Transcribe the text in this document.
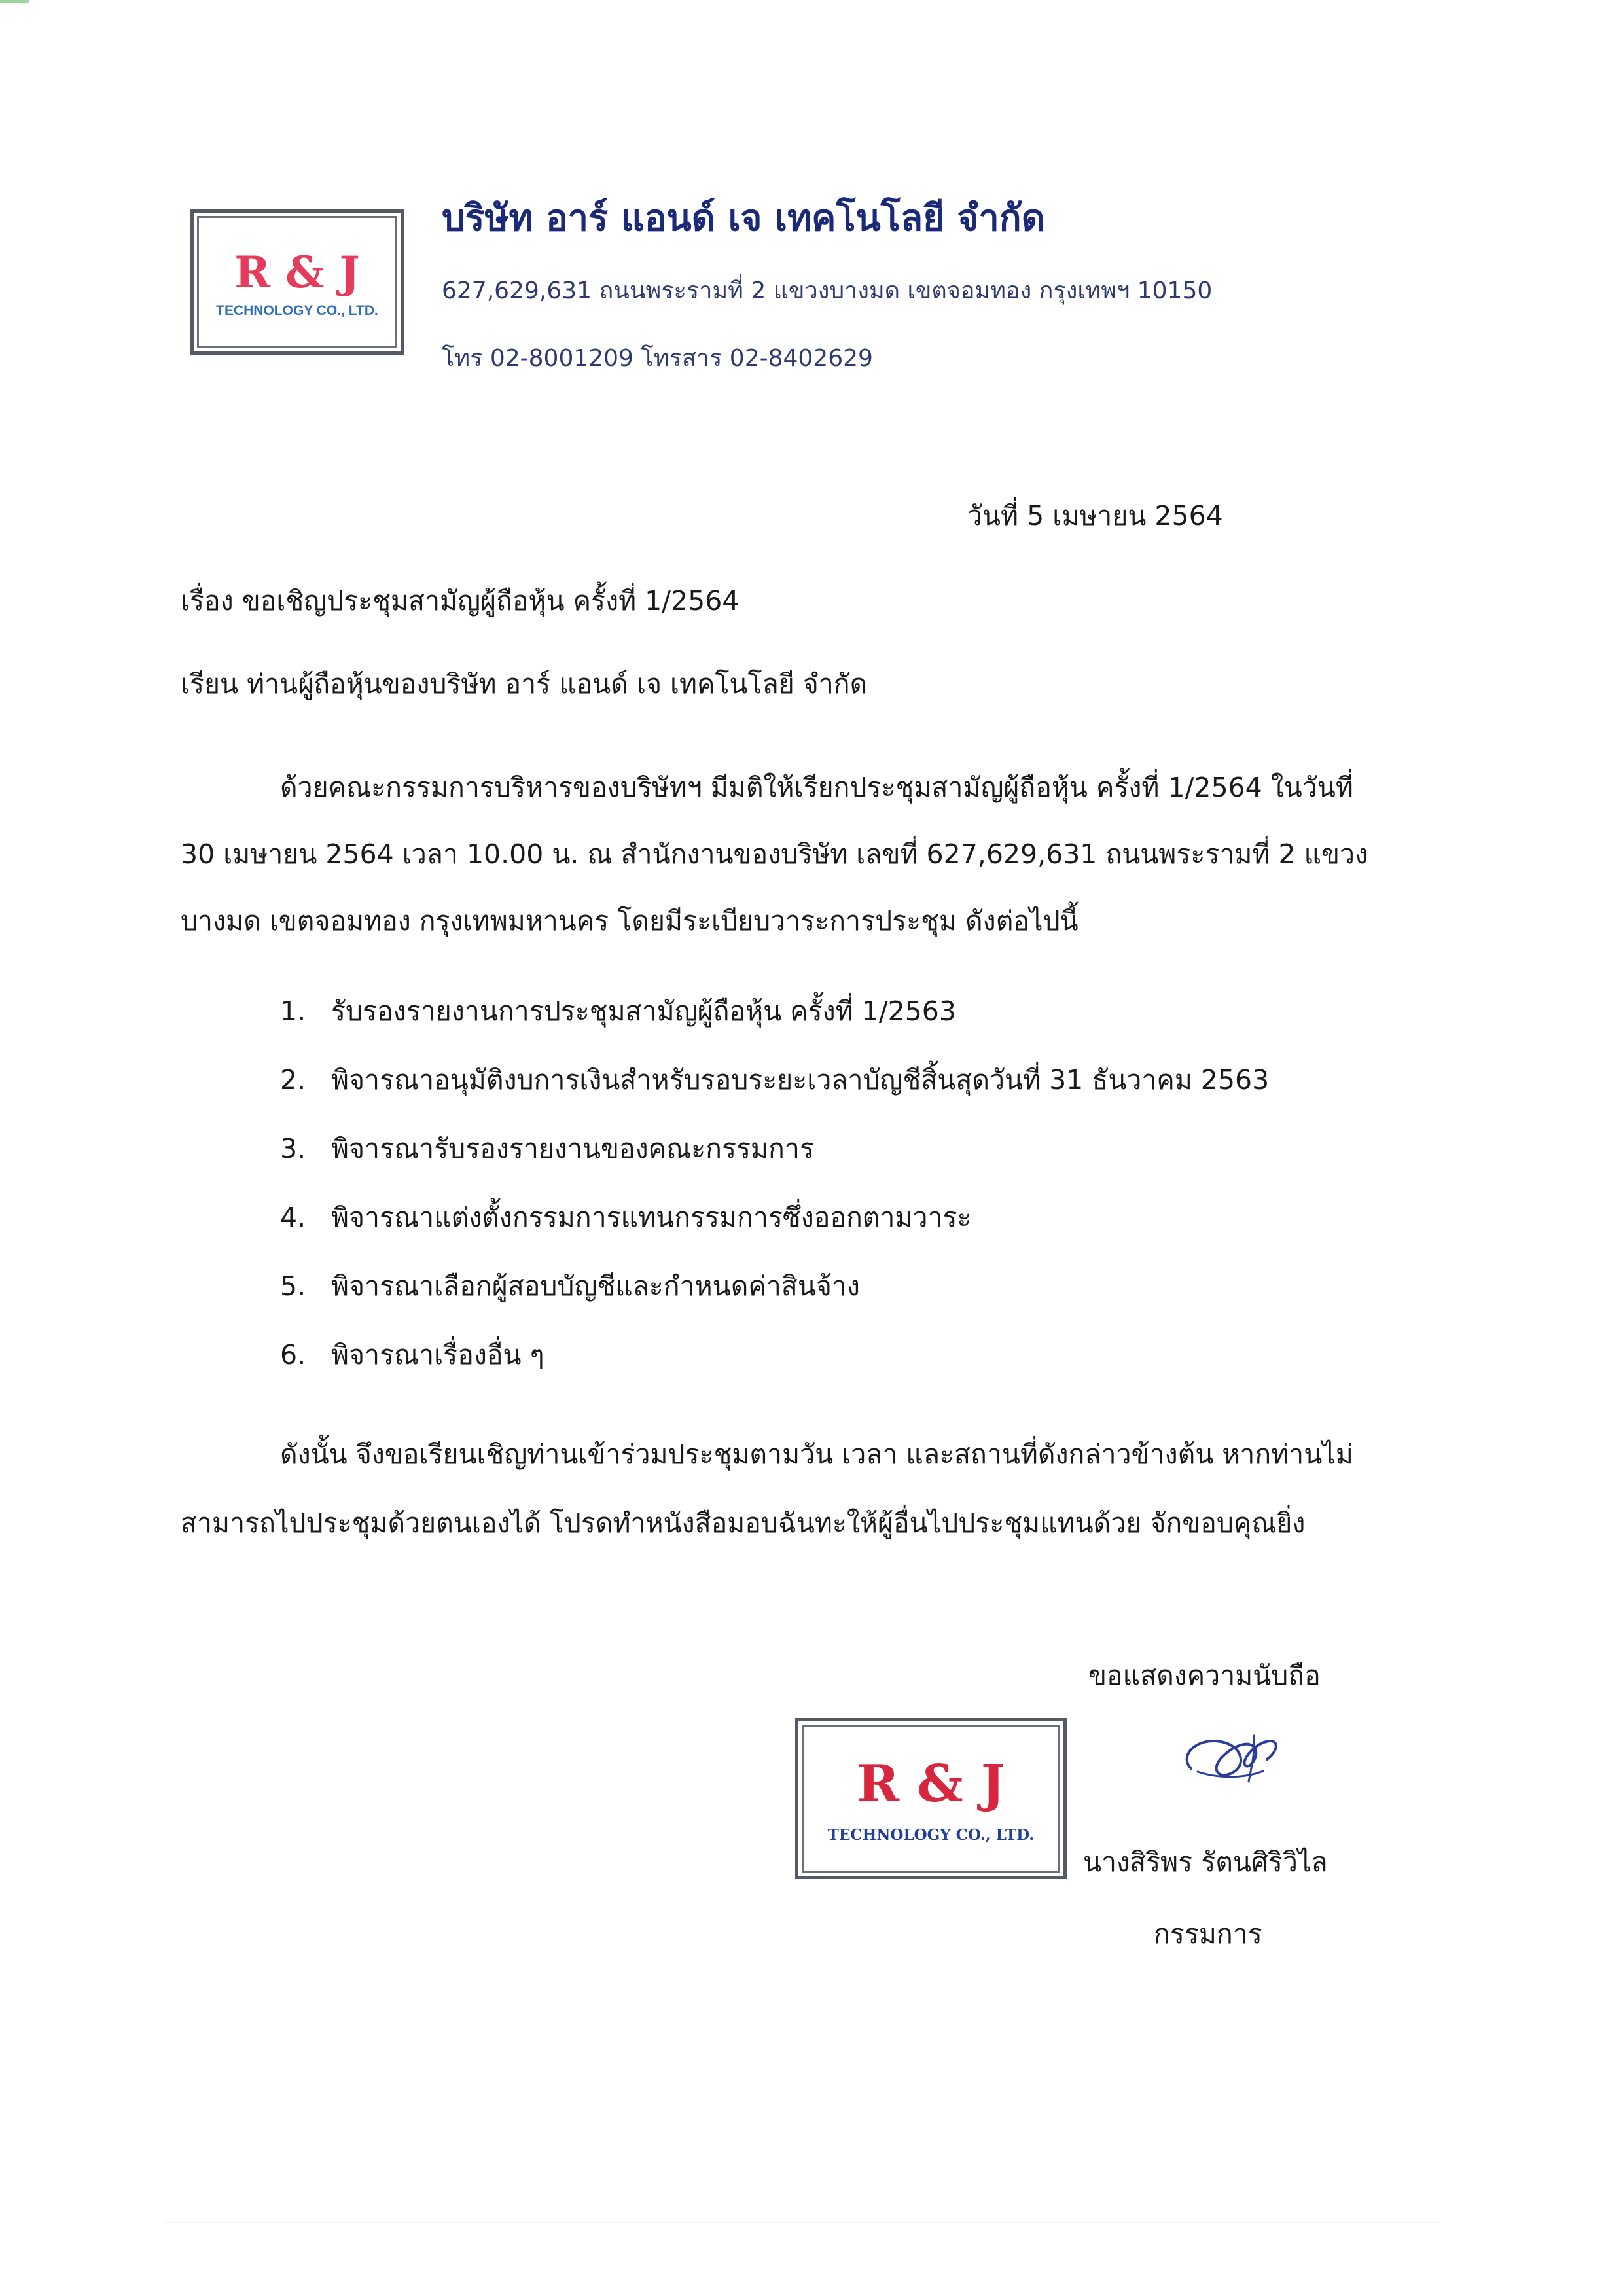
R & J
TECHNOLOGY CO., LTD.
บริษัท อาร์ แอนด์ เจ เทคโนโลยี จำกัด
627,629,631 ถนนพระรามที่ 2 แขวงบางมด เขตจอมทอง กรุงเทพฯ 10150
โทร 02-8001209 โทรสาร 02-8402629
วันที่ 5 เมษายน 2564
เรื่อง ขอเชิญประชุมสามัญผู้ถือหุ้น ครั้งที่ 1/2564
เรียน ท่านผู้ถือหุ้นของบริษัท อาร์ แอนด์ เจ เทคโนโลยี จำกัด
ด้วยคณะกรรมการบริหารของบริษัทฯ มีมติให้เรียกประชุมสามัญผู้ถือหุ้น ครั้งที่ 1/2564 ในวันที่
30 เมษายน 2564 เวลา 10.00 น. ณ สำนักงานของบริษัท เลขที่ 627,629,631 ถนนพระรามที่ 2 แขวง
บางมด เขตจอมทอง กรุงเทพมหานคร โดยมีระเบียบวาระการประชุม ดังต่อไปนี้
1. รับรองรายงานการประชุมสามัญผู้ถือหุ้น ครั้งที่ 1/2563
2. พิจารณาอนุมัติงบการเงินสำหรับรอบระยะเวลาบัญชีสิ้นสุดวันที่ 31 ธันวาคม 2563
3. พิจารณารับรองรายงานของคณะกรรมการ
4. พิจารณาแต่งตั้งกรรมการแทนกรรมการซึ่งออกตามวาระ
5. พิจารณาเลือกผู้สอบบัญชีและกำหนดค่าสินจ้าง
6. พิจารณาเรื่องอื่น ๆ
ดังนั้น จึงขอเรียนเชิญท่านเข้าร่วมประชุมตามวัน เวลา และสถานที่ดังกล่าวข้างต้น หากท่านไม่
สามารถไปประชุมด้วยตนเองได้ โปรดทำหนังสือมอบฉันทะให้ผู้อื่นไปประชุมแทนด้วย จักขอบคุณยิ่ง
ขอแสดงความนับถือ
R & J
TECHNOLOGY CO., LTD.
นางสิริพร รัตนศิริวิไล
กรรมการ
